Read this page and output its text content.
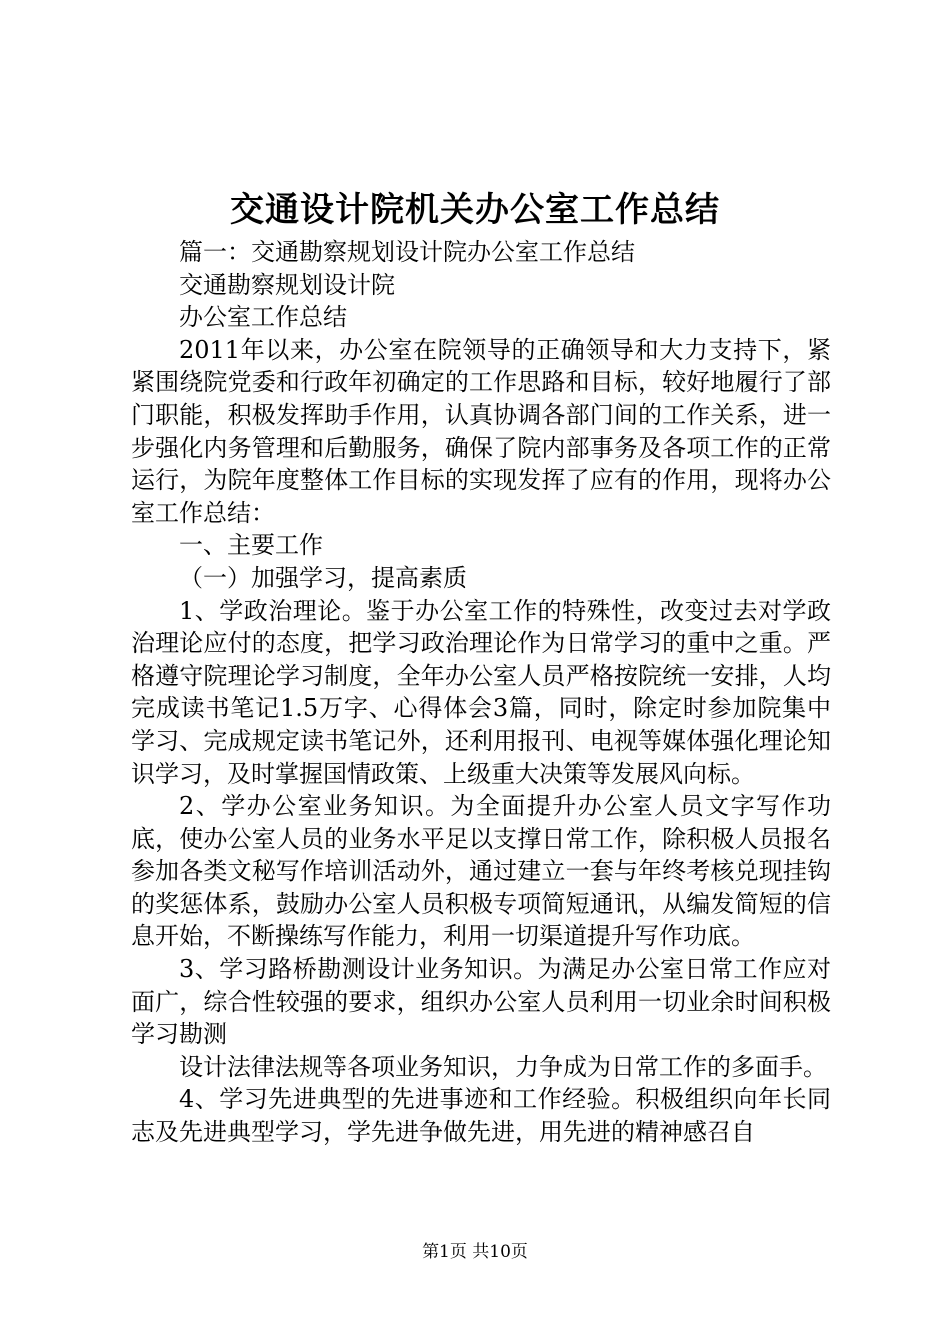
交通设计院机关办公室工作总结

篇一：交通勘察规划设计院办公室工作总结

交通勘察规划设计院

办公室工作总结

2011年以来，办公室在院领导的正确领导和大力支持下，紧紧围绕院党委和行政年初确定的工作思路和目标，较好地履行了部门职能，积极发挥助手作用，认真协调各部门间的工作关系，进一步强化内务管理和后勤服务，确保了院内部事务及各项工作的正常运行，为院年度整体工作目标的实现发挥了应有的作用，现将办公室工作总结：

一、主要工作

（一）加强学习，提高素质

1、学政治理论。鉴于办公室工作的特殊性，改变过去对学政治理论应付的态度，把学习政治理论作为日常学习的重中之重。严格遵守院理论学习制度，全年办公室人员严格按院统一安排，人均完成读书笔记1.5万字、心得体会3篇，同时，除定时参加院集中学习、完成规定读书笔记外，还利用报刊、电视等媒体强化理论知识学习，及时掌握国情政策、上级重大决策等发展风向标。

2、学办公室业务知识。为全面提升办公室人员文字写作功底，使办公室人员的业务水平足以支撑日常工作，除积极人员报名参加各类文秘写作培训活动外，通过建立一套与年终考核兑现挂钩的奖惩体系，鼓励办公室人员积极专项简短通讯，从编发简短的信息开始，不断操练写作能力，利用一切渠道提升写作功底。

3、学习路桥勘测设计业务知识。为满足办公室日常工作应对面广，综合性较强的要求，组织办公室人员利用一切业余时间积极学习勘测

设计法律法规等各项业务知识，力争成为日常工作的多面手。

4、学习先进典型的先进事迹和工作经验。积极组织向年长同志及先进典型学习，学先进争做先进，用先进的精神感召自

第1页 共10页
